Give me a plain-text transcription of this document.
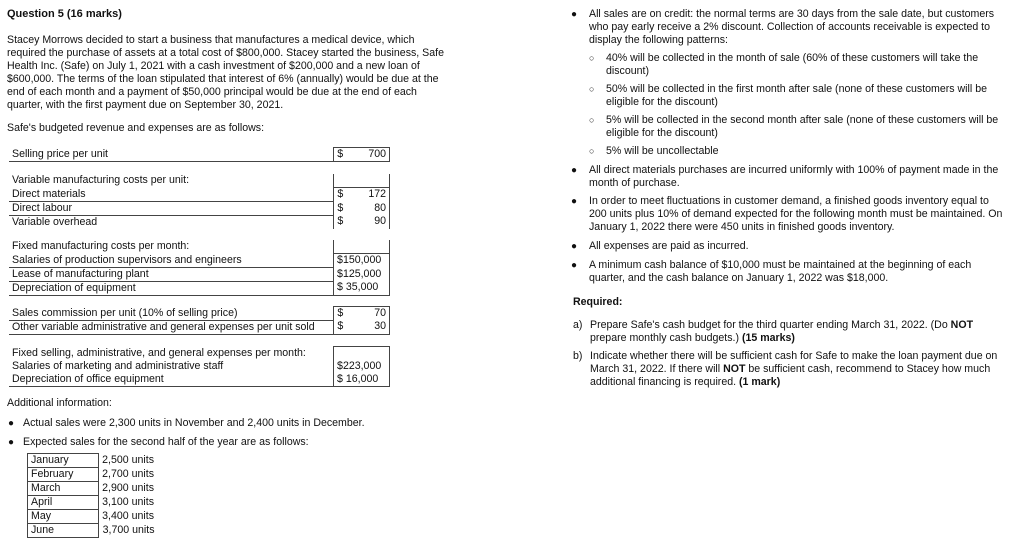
Question 5 (16 marks)

Stacey Morrows decided to start a business that manufactures a medical device, which required the purchase of assets at a total cost of $800,000. Stacey started the business, Safe Health Inc. (Safe) on July 1, 2021 with a cash investment of $200,000 and a new loan of $600,000. The terms of the loan stipulated that interest of 6% (annually) would be due at the end of each month and a payment of $50,000 principal would be due at the end of each quarter, with the first payment due on September 30, 2021.

Safe's budgeted revenue and expenses are as follows:
Selling price per unit	$ 700
Variable manufacturing costs per unit:	
Direct materials	$ 172

Direct labour	$ 80

Variable overhead	$ 90
Fixed manufacturing costs per month:	
Salaries of production supervisors and engineers	$150,000
Lease of manufacturing plant	$125,000
Depreciation of equipment	$ 35,000
Sales commission per unit (10% of selling price)	$ 70

Other variable administrative and general expenses per unit sold	$ 30
Fixed selling, administrative, and general expenses per month:	
Salaries of marketing and administrative staff	$223,000
Depreciation of office equipment	$ 16,000
Additional information:
● Actual sales were 2,300 units in November and 2,400 units in December.
● Expected sales for the second half of the year are as follows:
January	2,500 units
February	2,700 units
March	2,900 units
April	3,100 units
May	3,400 units
June	3,700 units
● All sales are on credit: the normal terms are 30 days from the sale date, but customers who pay early receive a 2% discount. Collection of accounts receivable is expected to display the following patterns:

○ 40% will be collected in the month of sale (60% of these customers will take the discount)

○ 50% will be collected in the first month after sale (none of these customers will be eligible for the discount)

○ 5% will be collected in the second month after sale (none of these customers will be eligible for the discount)

○ 5% will be uncollectable

● All direct materials purchases are incurred uniformly with 100% of payment made in the month of purchase.

● In order to meet fluctuations in customer demand, a finished goods inventory equal to 200 units plus 10% of demand expected for the following month must be maintained. On January 1, 2022 there were 450 units in finished goods inventory.

● All expenses are paid as incurred.

● A minimum cash balance of $10,000 must be maintained at the beginning of each quarter, and the cash balance on January 1, 2022 was $18,000.

Required:
a) Prepare Safe's cash budget for the third quarter ending March 31, 2022. (Do NOT prepare monthly cash budgets.) (15 marks)

b) Indicate whether there will be sufficient cash for Safe to make the loan payment due on March 31, 2022. If there will NOT be sufficient cash, recommend to Stacey how much additional financing is required. (1 mark)
